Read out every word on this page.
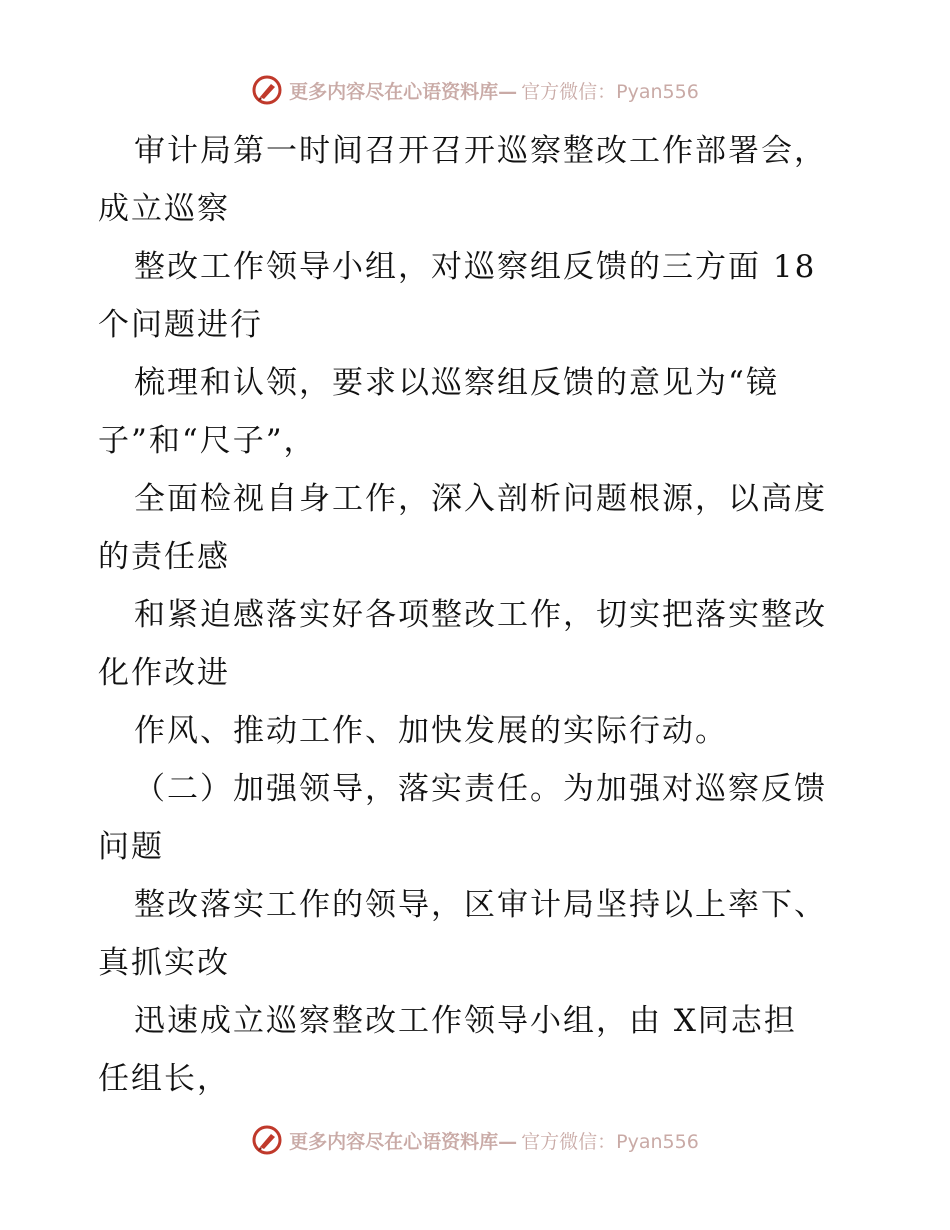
更多内容尽在心语资料库— 官方微信：Pyan556
审计局第一时间召开召开巡察整改工作部署会，
成立巡察
整改工作领导小组，对巡察组反馈的三方面 18
个问题进行
梳理和认领，要求以巡察组反馈的意见为“镜
子”和“尺子”，
全面检视自身工作，深入剖析问题根源，以高度
的责任感
和紧迫感落实好各项整改工作，切实把落实整改
化作改进
作风、推动工作、加快发展的实际行动。
（二）加强领导，落实责任。为加强对巡察反馈
问题
整改落实工作的领导，区审计局坚持以上率下、
真抓实改
迅速成立巡察整改工作领导小组，由 X同志担
任组长，
更多内容尽在心语资料库— 官方微信：Pyan556
